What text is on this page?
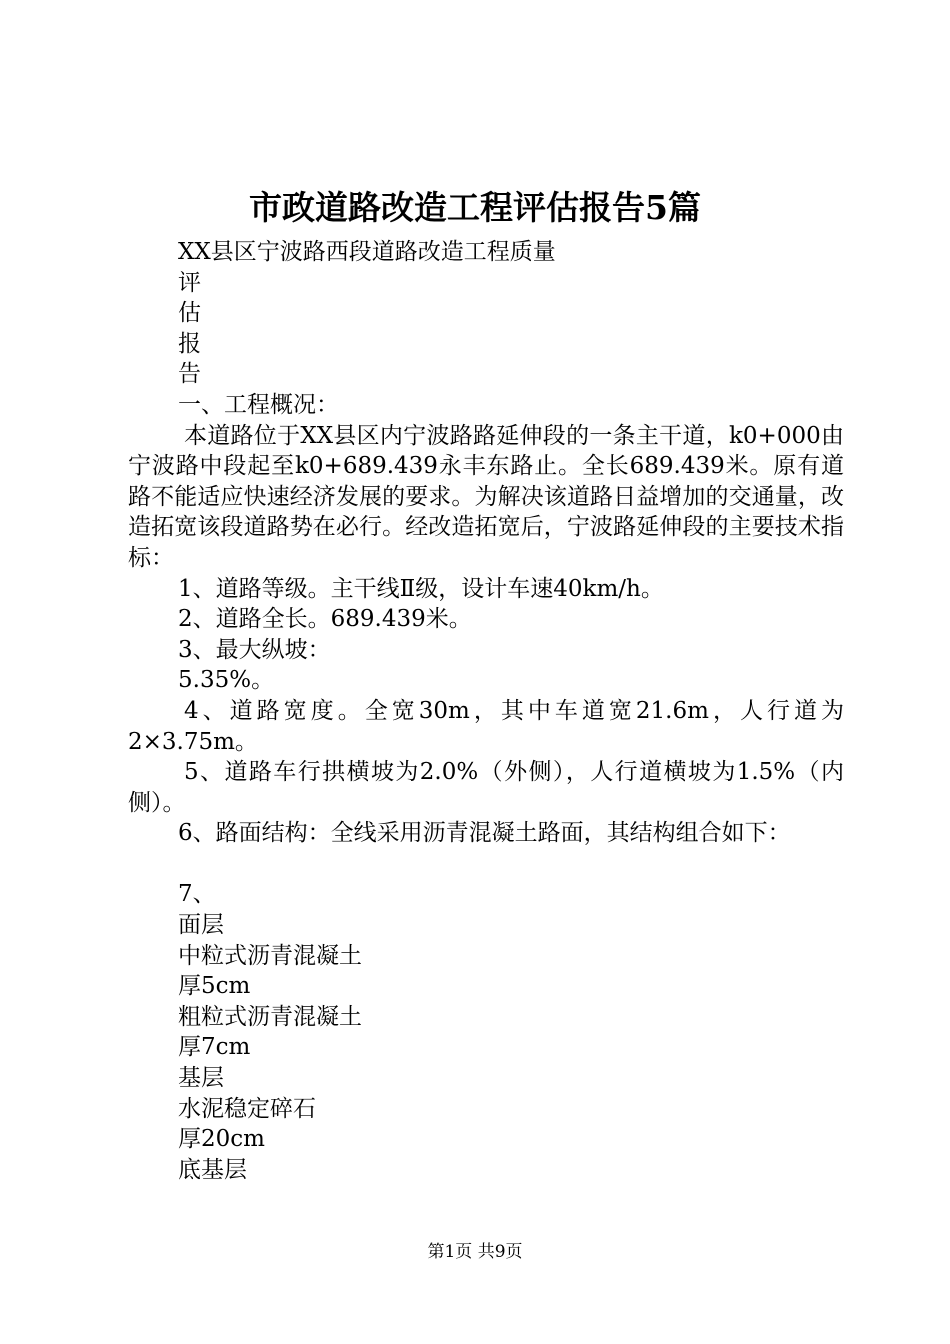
市政道路改造工程评估报告5篇
XX县区宁波路西段道路改造工程质量
评
估
报
告
一、工程概况：
本道路位于XX县区内宁波路路延伸段的一条主干道，k0+000由宁波路中段起至k0+689.439永丰东路止。全长689.439米。原有道路不能适应快速经济发展的要求。为解决该道路日益增加的交通量，改造拓宽该段道路势在必行。经改造拓宽后，宁波路延伸段的主要技术指标：
1、道路等级。主干线Ⅱ级，设计车速40km/h。
2、道路全长。689.439米。
3、最大纵坡：
5.35%。
4、道路宽度。全宽30m，其中车道宽21.6m，人行道为2×3.75m。
5、道路车行拱横坡为2.0%（外侧），人行道横坡为1.5%（内侧）。
6、路面结构：全线采用沥青混凝土路面，其结构组合如下：
7、
面层
中粒式沥青混凝土
厚5cm
粗粒式沥青混凝土
厚7cm
基层
水泥稳定碎石
厚20cm
底基层
第1页 共9页
